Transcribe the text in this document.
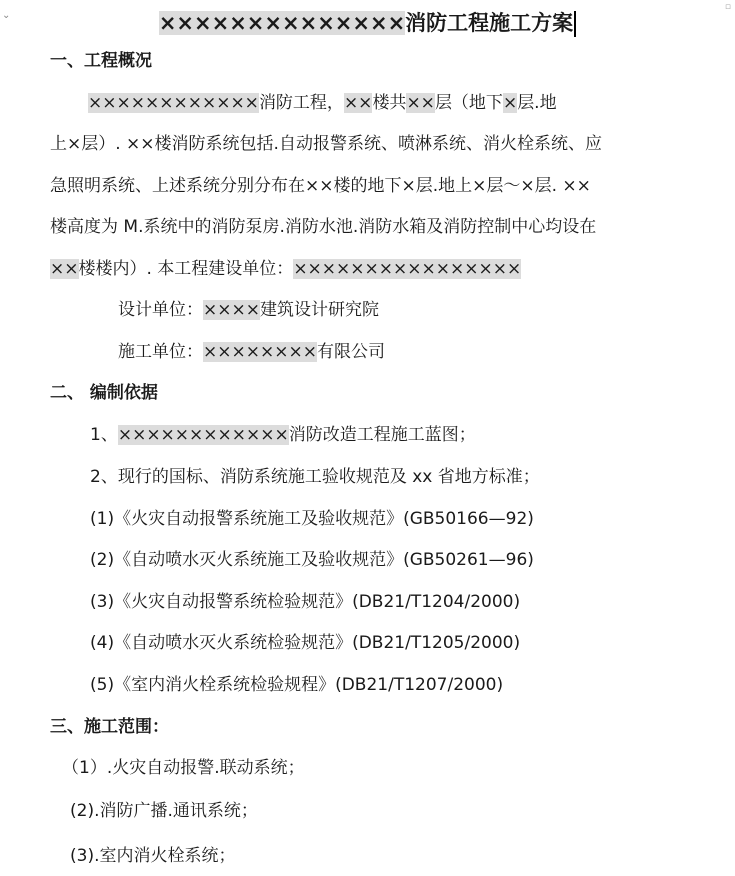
⌄
▫
××××××××××××××消防工程施工方案
一、工程概况
××××××××××××消防工程，××楼共××层（地下×层.地
上×层）. ××楼消防系统包括.自动报警系统、喷淋系统、消火栓系统、应
急照明系统、上述系统分别分布在××楼的地下×层.地上×层～×层. ××
楼高度为 M.系统中的消防泵房.消防水池.消防水箱及消防控制中心均设在
××楼楼内）. 本工程建设单位：××××××××××××××××
设计单位：××××建筑设计研究院
施工单位：××××××××有限公司
二、 编制依据
1、××××××××××××消防改造工程施工蓝图；
2、现行的国标、消防系统施工验收规范及 xx 省地方标准；
(1)《火灾自动报警系统施工及验收规范》(GB50166—92)
(2)《自动喷水灭火系统施工及验收规范》(GB50261—96)
(3)《火灾自动报警系统检验规范》(DB21/T1204/2000)
(4)《自动喷水灭火系统检验规范》(DB21/T1205/2000)
(5)《室内消火栓系统检验规程》(DB21/T1207/2000)
三、施工范围：
（1）.火灾自动报警.联动系统；
(2).消防广播.通讯系统；
(3).室内消火栓系统；
